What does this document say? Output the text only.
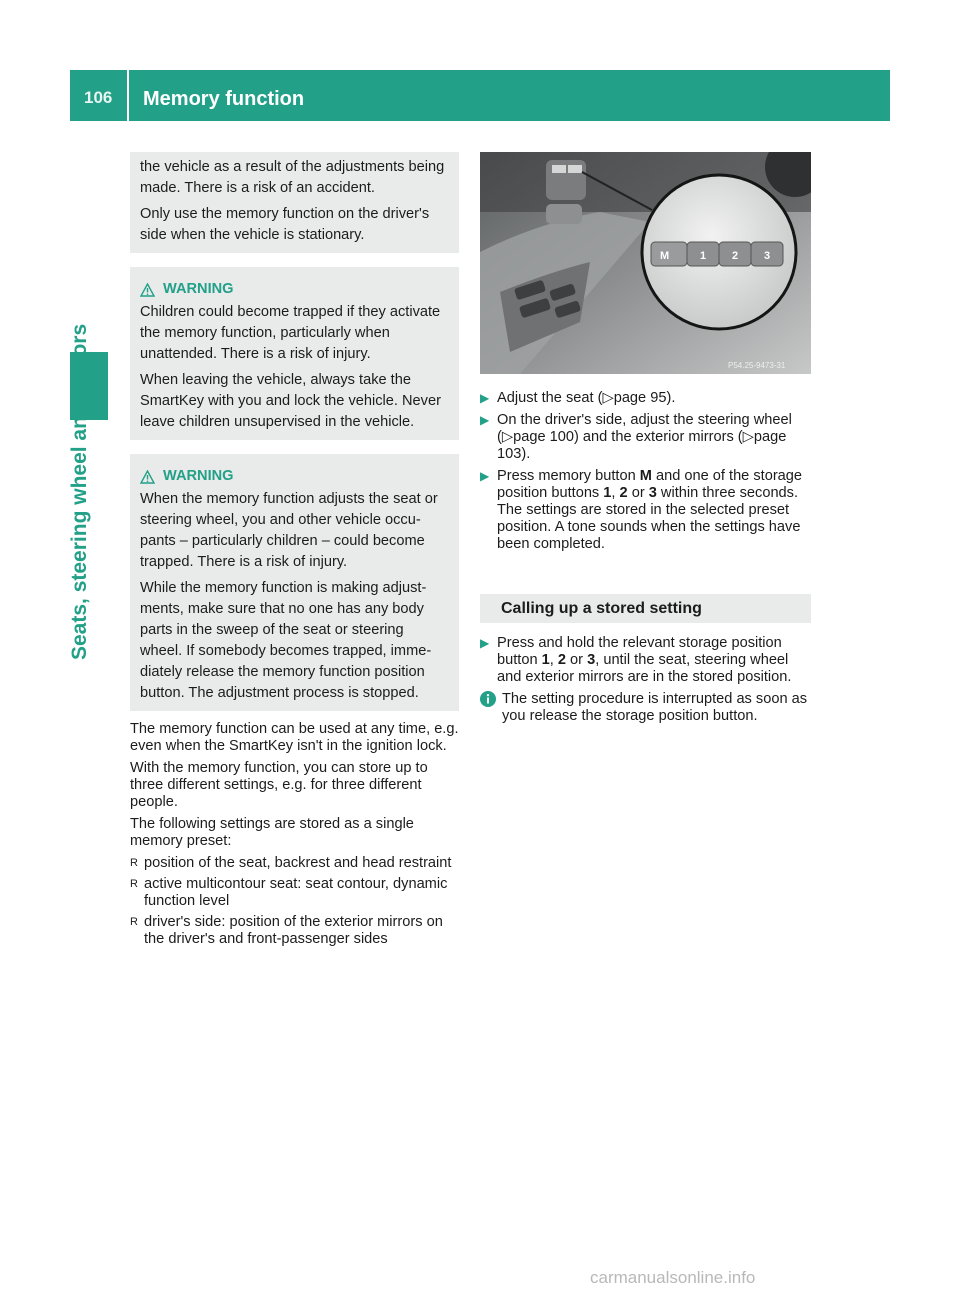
106 Memory function
Seats, steering wheel and mirrors

the vehicle as a result of the adjustments being made. There is a risk of an accident.

Only use the memory function on the driver's side when the vehicle is stationary.

WARNING

Children could become trapped if they activate the memory function, particularly when unattended. There is a risk of injury.

When leaving the vehicle, always take the SmartKey with you and lock the vehicle. Never leave children unsupervised in the vehicle.

WARNING

When the memory function adjusts the seat or steering wheel, you and other vehicle occupants – particularly children – could become trapped. There is a risk of injury.

While the memory function is making adjustments, make sure that no one has any body parts in the sweep of the seat or steering wheel. If somebody becomes trapped, immediately release the memory function position button. The adjustment process is stopped.

The memory function can be used at any time, e.g. even when the SmartKey isn't in the ignition lock.

With the memory function, you can store up to three different settings, e.g. for three different people.

The following settings are stored as a single memory preset:

R position of the seat, backrest and head restraint
R active multicontour seat: seat contour, dynamic function level
R driver's side: position of the exterior mirrors on the driver's and front-passenger sides
M	1 2 3
P54.25-9473-31
▶ Adjust the seat (▷page 95).
▶ On the driver's side, adjust the steering wheel (▷page 100) and the exterior mirrors (▷page 103).
▶ Press memory button M and one of the storage position buttons 1, 2 or 3 within three seconds.
The settings are stored in the selected preset position. A tone sounds when the settings have been completed.
Calling up a stored setting
▶ Press and hold the relevant storage position button 1, 2 or 3, until the seat, steering wheel and exterior mirrors are in the stored position.
The setting procedure is interrupted as soon as you release the storage position button.
carmanualsonline.info
